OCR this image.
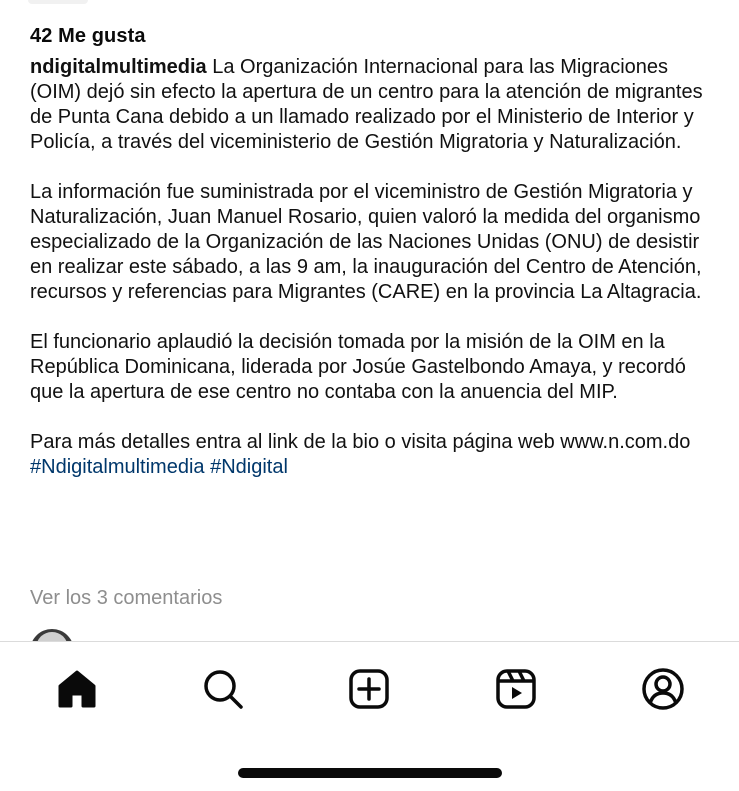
42 Me gusta

ndigitalmultimedia La Organización Internacional para las Migraciones (OIM) dejó sin efecto la apertura de un centro para la atención de migrantes de Punta Cana debido a un llamado realizado por el Ministerio de Interior y Policía, a través del viceministerio de Gestión Migratoria y Naturalización.

La información fue suministrada por el viceministro de Gestión Migratoria y Naturalización, Juan Manuel Rosario, quien valoró la medida del organismo especializado de la Organización de las Naciones Unidas (ONU) de desistir en realizar este sábado, a las 9 am, la inauguración del Centro de Atención, recursos y referencias para Migrantes (CARE) en la provincia La Altagracia.

El funcionario aplaudió la decisión tomada por la misión de la OIM en la República Dominicana, liderada por Josúe Gastelbondo Amaya, y recordó que la apertura de ese centro no contaba con la anuencia del MIP.

Para más detalles entra al link de la bio o visita página web www.n.com.do #Ndigitalmultimedia #Ndigital

Ver los 3 comentarios
